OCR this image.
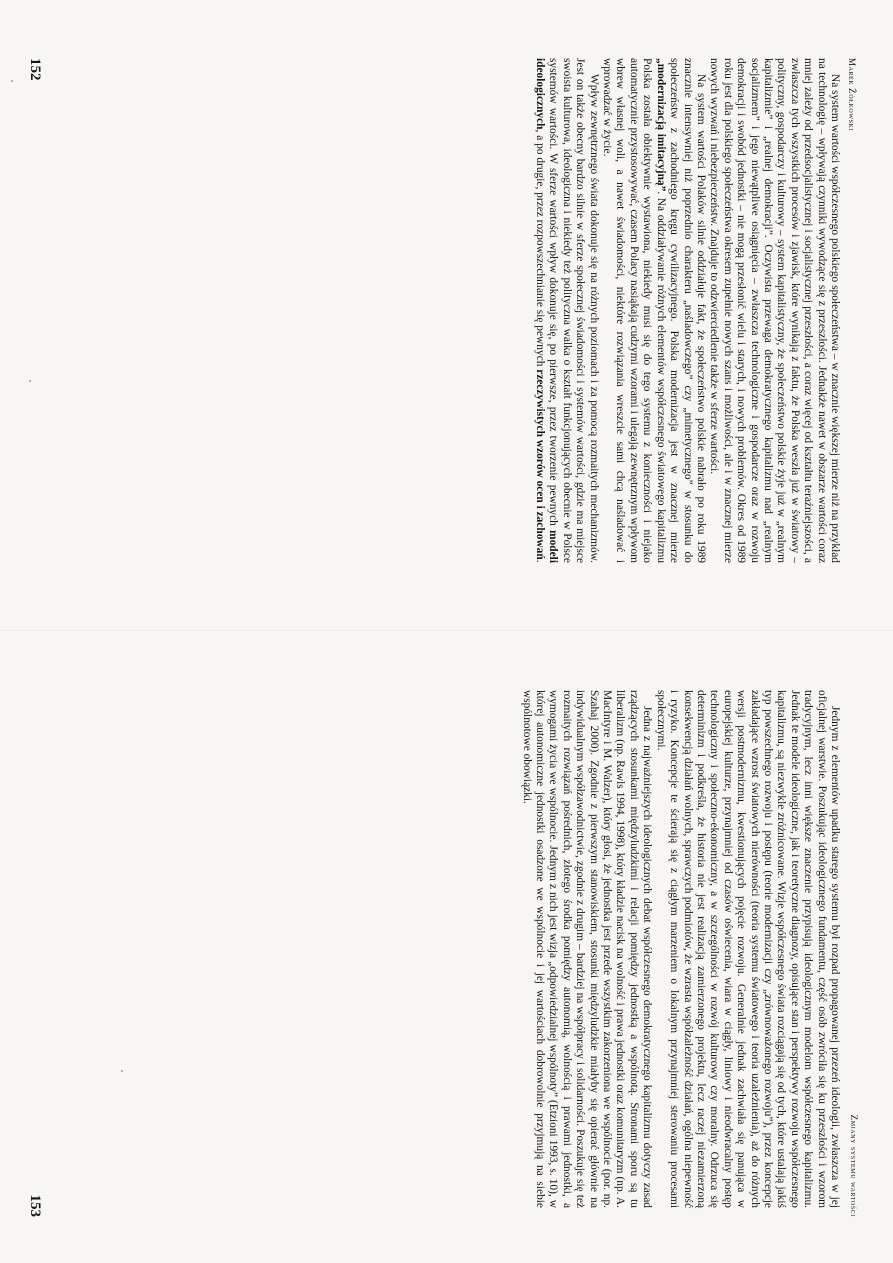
Marek Żółkowski

Na system wartości współczesnego polskiego społeczeństwa – w znacznie większej mierze niż na przykład na technologię – wpływają czynniki wywodzące się z przeszłości. Jednakże nawet w obszarze wartości coraz mniej zależy od przedsocjalistycznej i socjalistycznej przeszłości, a coraz więcej od kształtu teraźniejszości, a zwłaszcza tych wszystkich procesów i zjawisk, które wynikają z faktu, że Polska weszła już w światowy – polityczny, gospodarczy i kulturowy – system kapitalistyczny, że społeczeństwo polskie żyje już w „realnym kapitalizmie” i „realnej demokracji”. Oczywista przewaga demokratycznego kapitalizmu nad „realnym socjalizmem” i jego niewątpliwe osiągnięcia – zwłaszcza technologiczne i gospodarcze oraz w rozwoju demokracji i swobód jednostki – nie mogą przesłonić wielu i starych, i nowych problemów. Okres od 1989 roku jest dla polskiego społeczeństwa okresem zupełnie nowych szans i możliwości, ale i w znacznej mierze nowych wyzwań i niebezpieczeństw. Znajduje to odzwierciedlenie także w sferze wartości.

Na system wartości Polaków silnie oddziałuje fakt, że społeczeństwo polskie nabrało po roku 1989 znacznie intensywniej niż poprzednio charakteru „naśladowczego” czy „mimetycznego” w stosunku do społeczeństw z zachodniego kręgu cywilizacyjnego. Polska modernizacja jest w znacznej mierze „modernizacją imitacyjną”. Na oddziaływanie różnych elementów współczesnego światowego kapitalizmu Polska została obiektywnie wystawiona, niekiedy musi się do tego systemu z konieczności i niejako automatycznie przystosowywać, czasem Polacy nasiąkają cudzymi wzorami i ulegają zewnętrznym wpływom wbrew własnej woli, a nawet świadomości, niektóre rozwiązania wreszcie sami chcą naśladować i wprowadzać w życie.

Wpływ zewnętrznego świata dokonuje się na różnych poziomach i za pomocą rozmaitych mechanizmów. Jest on także obecny bardzo silnie w sferze społecznej świadomości i systemów wartości, gdzie ma miejsce swoista kulturowa, ideologiczna i niekiedy też polityczna walka o kształt funkcjonujących obecnie w Polsce systemów wartości. W sferze wartości wpływ dokonuje się, po pierwsze, przez tworzenie pewnych modeli ideologicznych, a po drugie, przez rozpowszechnianie się pewnych rzeczywistych wzorów ocen i zachowań.

152
Zmiany systemu wartości

Jednym z elementów upadku starego systemu był rozpad propagowanej przezeń ideologii, zwłaszcza w jej oficjalnej warstwie. Poszukując ideologicznego fundamentu, część osób zwróciła się ku przeszłości i wzorom tradycyjnym, lecz inni większe znaczenie przypisują ideologicznym modelom współczesnego kapitalizmu. Jednak te modele ideologiczne, jak i teoretyczne diagnozy, opisujące stan i perspektywy rozwoju współczesnego kapitalizmu, są niezwykle zróżnicowane. Wizje współczesnego świata rozciągają się od tych, które ustalają jakiś typ powszechnego rozwoju i postępu (teorie modernizacji czy „zrównoważonego rozwoju”), przez koncepcje zakładające wzrost światowych nierówności (teoria systemu światowego i teoria uzależnienia), aż do różnych wersji postmodernizmu, kwestionujących pojęcie rozwoju. Generalnie jednak zachwiała się panująca w europejskiej kulturze, przynajmniej od czasów oświecenia, wiara w ciągły, liniowy i nieodwracalny postęp technologiczny i społeczno-ekonomiczny, a w szczególności w rozwój kulturowy czy moralny. Odrzuca się determinizm i podkreśla, że historia nie jest realizacją zamierzonego projektu, lecz raczej niezamierzoną konsekwencją działań wolnych, sprawczych podmiotów, że wzrasta współzależność działań, ogólna niepewność i ryzyko. Koncepcje te ścierają się z ciągłym marzeniem o lokalnym przynajmniej sterowaniu procesami społecznymi.

Jedna z najważniejszych ideologicznych debat współczesnego demokratycznego kapitalizmu dotyczy zasad rządzących stosunkami międzyludzkimi i relacji pomiędzy jednostką a wspólnotą. Stronami sporu są tu liberalizm (np. Rawls 1994, 1998), który kładzie nacisk na wolność i prawa jednostki oraz komunitaryzm (np. A. MacIntyre i M. Walzer), który głosi, że jednostka jest przede wszystkim zakorzeniona we wspólnocie (por. np. Szahaj 2000). Zgodnie z pierwszym stanowiskiem, stosunki międzyludzkie miałyby się opierać głównie na indywidualnym współzawodnictwie, zgodnie z drugim – bardziej na współpracy i solidarności. Poszukuje się też rozmaitych rozwiązań pośrednich, złotego środka pomiędzy autonomią, wolnością i prawami jednostki, a wymogami życia we wspólnocie. Jednym z nich jest wizja „odpowiedzialnej wspólnoty” (Etzioni 1993, s. 10), w której autonomiczne jednostki osadzone we wspólnocie i jej wartościach dobrowolnie przyjmują na siebie wspólnotowe obowiązki.

153
